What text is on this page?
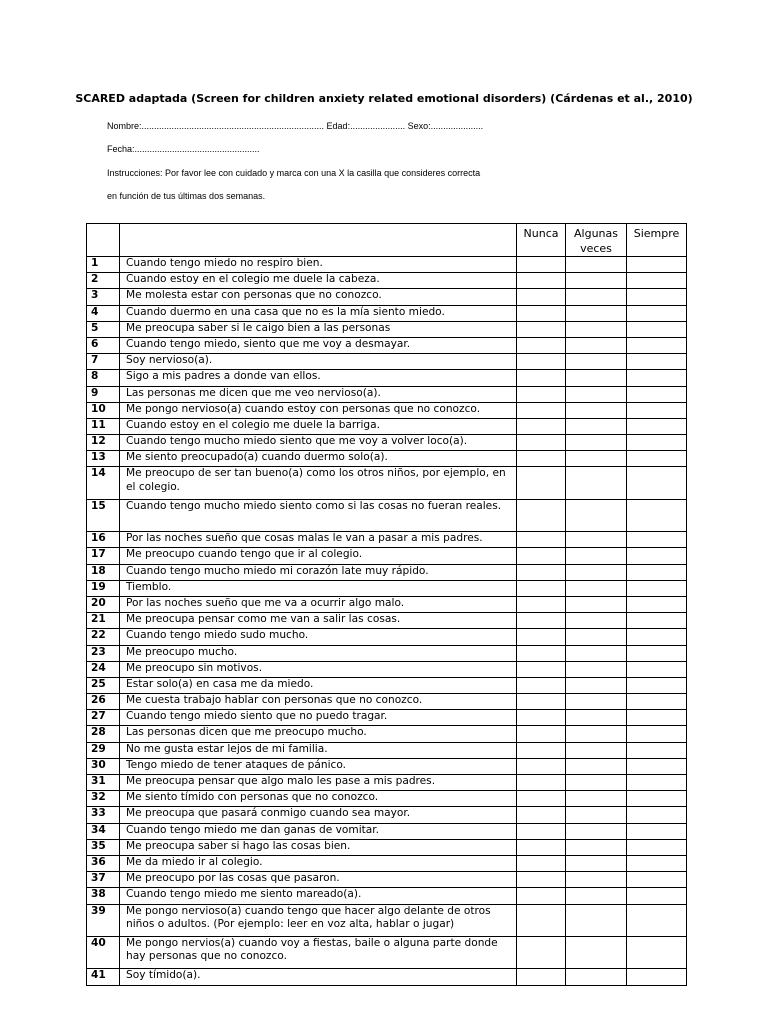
SCARED adaptada (Screen for children anxiety related emotional disorders) (Cárdenas et al., 2010)
Nombre:......................................................................... Edad:...................... Sexo:.....................
Fecha:..................................................
Instrucciones: Por favor lee con cuidado y marca con una X la casilla que consideres correcta
en función de tus últimas dos semanas.
		Nunca	Algunas veces	Siempre
1	Cuando tengo miedo no respiro bien.			
2	Cuando estoy en el colegio me duele la cabeza.			
3	Me molesta estar con personas que no conozco.			
4	Cuando duermo en una casa que no es la mía siento miedo.			
5	Me preocupa saber si le caigo bien a las personas			
6	Cuando tengo miedo, siento que me voy a desmayar.			
7	Soy nervioso(a).			
8	Sigo a mis padres a donde van ellos.			
9	Las personas me dicen que me veo nervioso(a).			
10	Me pongo nervioso(a) cuando estoy con personas que no conozco.			
11	Cuando estoy en el colegio me duele la barriga.			
12	Cuando tengo mucho miedo siento que me voy a volver loco(a).			
13	Me siento preocupado(a) cuando duermo solo(a).			
14	Me preocupo de ser tan bueno(a) como los otros niños, por ejemplo, en el colegio.			
15	Cuando tengo mucho miedo siento como si las cosas no fueran reales.			
16	Por las noches sueño que cosas malas le van a pasar a mis padres.			
17	Me preocupo cuando tengo que ir al colegio.			
18	Cuando tengo mucho miedo mi corazón late muy rápido.			
19	Tiemblo.			
20	Por las noches sueño que me va a ocurrir algo malo.			
21	Me preocupa pensar como me van a salir las cosas.			
22	Cuando tengo miedo sudo mucho.			
23	Me preocupo mucho.			
24	Me preocupo sin motivos.			
25	Estar solo(a) en casa me da miedo.			
26	Me cuesta trabajo hablar con personas que no conozco.			
27	Cuando tengo miedo siento que no puedo tragar.			
28	Las personas dicen que me preocupo mucho.			
29	No me gusta estar lejos de mi familia.			
30	Tengo miedo de tener ataques de pánico.			
31	Me preocupa pensar que algo malo les pase a mis padres.			
32	Me siento tímido con personas que no conozco.			
33	Me preocupa que pasará conmigo cuando sea mayor.			
34	Cuando tengo miedo me dan ganas de vomitar.			
35	Me preocupa saber si hago las cosas bien.			
36	Me da miedo ir al colegio.			
37	Me preocupo por las cosas que pasaron.			
38	Cuando tengo miedo me siento mareado(a).			
39	Me pongo nervioso(a) cuando tengo que hacer algo delante de otros niños o adultos. (Por ejemplo: leer en voz alta, hablar o jugar)			
40	Me pongo nervios(a) cuando voy a fiestas, baile o alguna parte donde hay personas que no conozco.			
41	Soy tímido(a).			
